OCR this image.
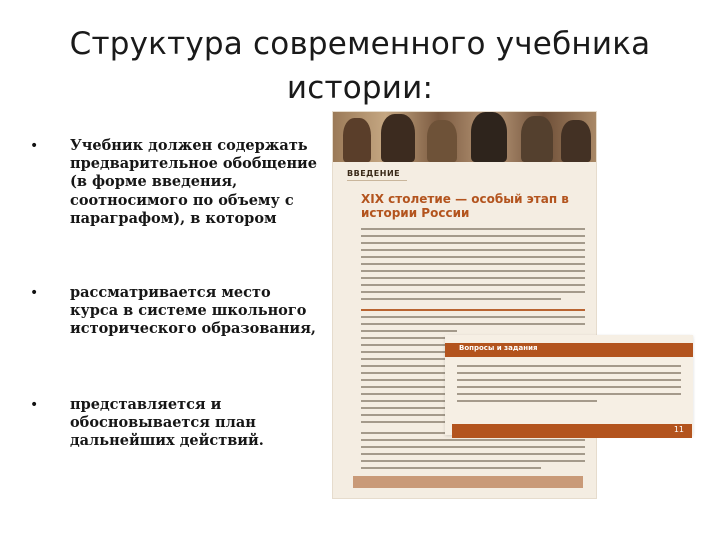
Структура современного учебника
истории:
• Учебник должен содержать предварительное обобщение (в форме введения, соотносимого по объему с параграфом), в котором
• рассматривается место курса в системе школьного исторического образования,
• представляется и обосновывается план дальнейших действий.
ВВЕДЕНИЕ
XIX столетие — особый этап в истории России
Вопросы и задания
11
